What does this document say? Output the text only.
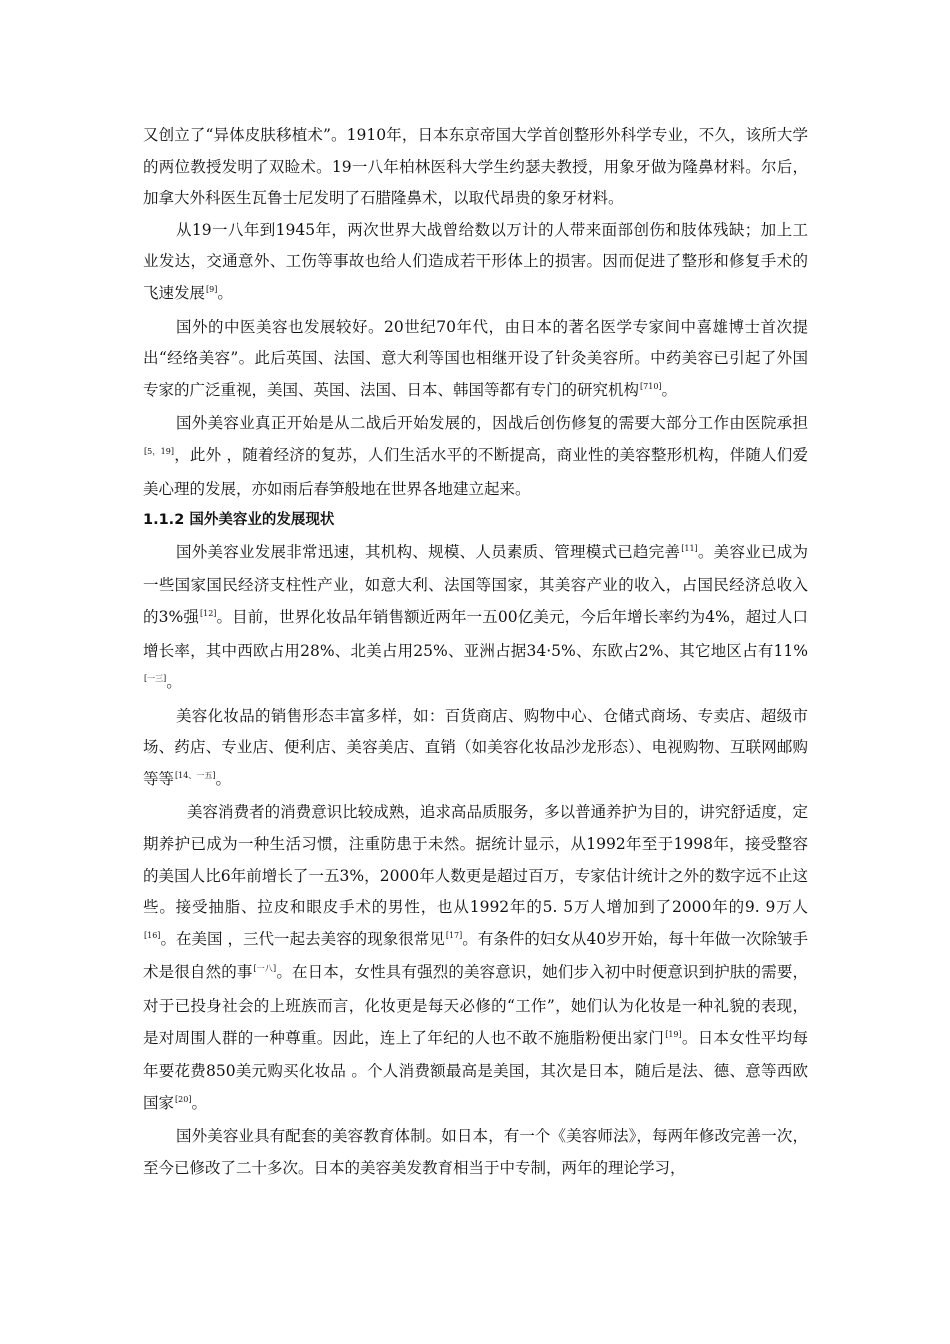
又创立了“异体皮肤移植术”。1910年，日本东京帝国大学首创整形外科学专业，不久，该所大学的两位教授发明了双睑术。19一八年柏林医科大学生约瑟夫教授，用象牙做为隆鼻材料。尔后，加拿大外科医生瓦鲁士尼发明了石腊隆鼻术，以取代昂贵的象牙材料。

从19一八年到1945年，两次世界大战曾给数以万计的人带来面部创伤和肢体残缺；加上工业发达，交通意外、工伤等事故也给人们造成若干形体上的损害。因而促进了整形和修复手术的飞速发展[9]。

国外的中医美容也发展较好。20世纪70年代，由日本的著名医学专家间中喜雄博士首次提出“经络美容”。此后英国、法国、意大利等国也相继开设了针灸美容所。中药美容已引起了外国专家的广泛重视，美国、英国、法国、日本、韩国等都有专门的研究机构[710]。

国外美容业真正开始是从二战后开始发展的，因战后创伤修复的需要大部分工作由医院承担[5，19]，此外 ，随着经济的复苏，人们生活水平的不断提高，商业性的美容整形机构，伴随人们爱美心理的发展，亦如雨后春笋般地在世界各地建立起来。

1.1.2 国外美容业的发展现状

国外美容业发展非常迅速，其机构、规模、人员素质、管理模式已趋完善[11]。美容业已成为一些国家国民经济支柱性产业，如意大利、法国等国家，其美容产业的收入，占国民经济总收入的3%强[12]。目前，世界化妆品年销售额近两年一五00亿美元，今后年增长率约为4%，超过人口增长率，其中西欧占用28%、北美占用25%、亚洲占据34·5%、东欧占2%、其它地区占有11%[一三]。

美容化妆品的销售形态丰富多样，如：百货商店、购物中心、仓储式商场、专卖店、超级市场、药店、专业店、便利店、美容美店、直销（如美容化妆品沙龙形态）、电视购物、互联网邮购等等[14、一五]。

美容消费者的消费意识比较成熟，追求高品质服务，多以普通养护为目的，讲究舒适度，定期养护已成为一种生活习惯，注重防患于未然。据统计显示，从1992年至于1998年，接受整容的美国人比6年前增长了一五3%，2000年人数更是超过百万，专家估计统计之外的数字远不止这些。接受抽脂、拉皮和眼皮手术的男性，也从1992年的5. 5万人增加到了2000年的9. 9万人[16]。在美国 ，三代一起去美容的现象很常见[17]。有条件的妇女从40岁开始，每十年做一次除皱手术是很自然的事[一八]。在日本，女性具有强烈的美容意识，她们步入初中时便意识到护肤的需要，对于已投身社会的上班族而言，化妆更是每天必修的“工作”，她们认为化妆是一种礼貌的表现，是对周围人群的一种尊重。因此，连上了年纪的人也不敢不施脂粉便出家门[19]。日本女性平均每年要花费850美元购买化妆品 。个人消费额最高是美国，其次是日本，随后是法、德、意等西欧国家[20]。

国外美容业具有配套的美容教育体制。如日本，有一个《美容师法》，每两年修改完善一次，至今已修改了二十多次。日本的美容美发教育相当于中专制，两年的理论学习，
